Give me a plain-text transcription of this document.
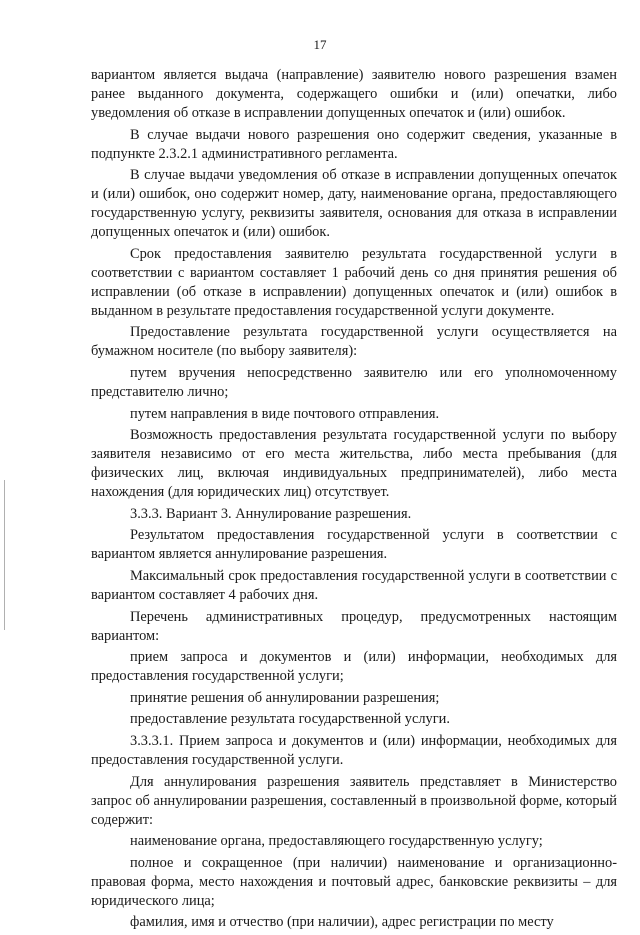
17

вариантом является выдача (направление) заявителю нового разрешения взамен ранее выданного документа, содержащего ошибки и (или) опечатки, либо уведомления об отказе в исправлении допущенных опечаток и (или) ошибок.

В случае выдачи нового разрешения оно содержит сведения, указанные в подпункте 2.3.2.1 административного регламента.

В случае выдачи уведомления об отказе в исправлении допущенных опечаток и (или) ошибок, оно содержит номер, дату, наименование органа, предоставляющего государственную услугу, реквизиты заявителя, основания для отказа в исправлении допущенных опечаток и (или) ошибок.

Срок предоставления заявителю результата государственной услуги в соответствии с вариантом составляет 1 рабочий день со дня принятия решения об исправлении (об отказе в исправлении) допущенных опечаток и (или) ошибок в выданном в результате предоставления государственной услуги документе.

Предоставление результата государственной услуги осуществляется на бумажном носителе (по выбору заявителя):

путем вручения непосредственно заявителю или его уполномоченному представителю лично;

путем направления в виде почтового отправления.

Возможность предоставления результата государственной услуги по выбору заявителя независимо от его места жительства, либо места пребывания (для физических лиц, включая индивидуальных предпринимателей), либо места нахождения (для юридических лиц) отсутствует.

3.3.3. Вариант 3. Аннулирование разрешения.

Результатом предоставления государственной услуги в соответствии с вариантом является аннулирование разрешения.

Максимальный срок предоставления государственной услуги в соответствии с вариантом составляет 4 рабочих дня.

Перечень административных процедур, предусмотренных настоящим вариантом:

прием запроса и документов и (или) информации, необходимых для предоставления государственной услуги;

принятие решения об аннулировании разрешения;

предоставление результата государственной услуги.

3.3.3.1. Прием запроса и документов и (или) информации, необходимых для предоставления государственной услуги.

Для аннулирования разрешения заявитель представляет в Министерство запрос об аннулировании разрешения, составленный в произвольной форме, который содержит:

наименование органа, предоставляющего государственную услугу;

полное и сокращенное (при наличии) наименование и организационно-правовая форма, место нахождения и почтовый адрес, банковские реквизиты – для юридического лица;

фамилия, имя и отчество (при наличии), адрес регистрации по месту
